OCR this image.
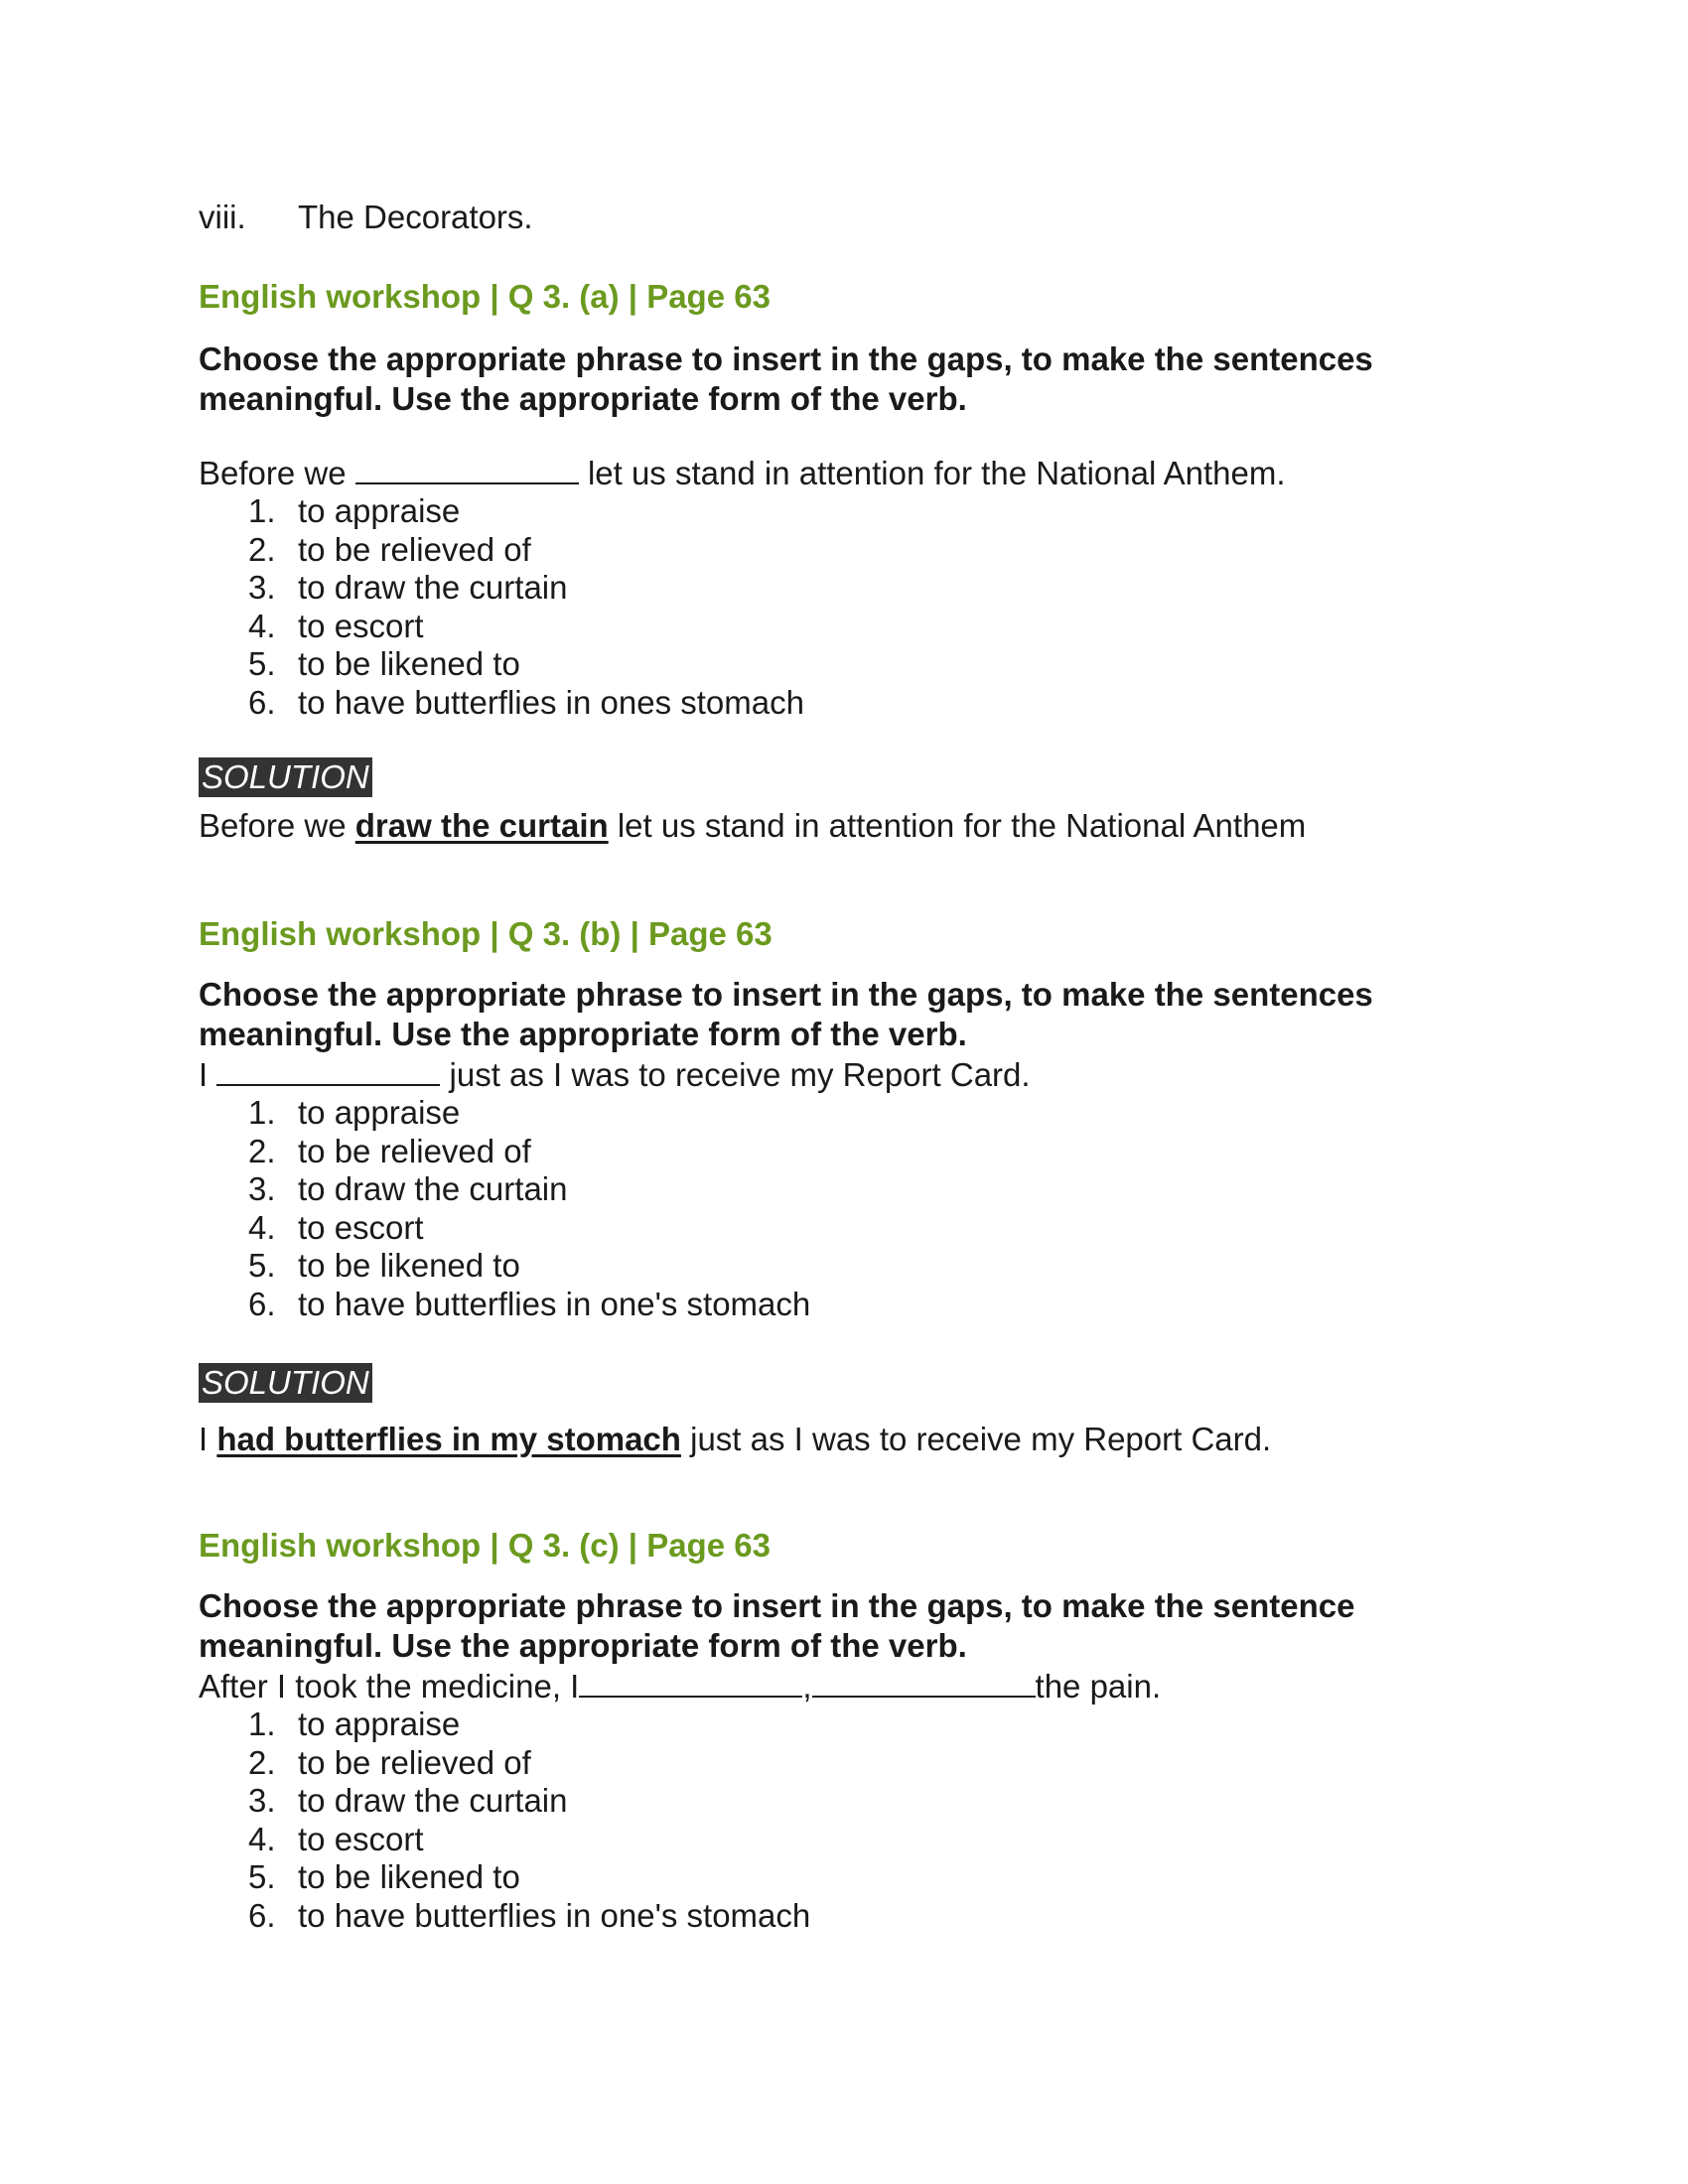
viii. The Decorators.

English workshop | Q 3. (a) | Page 63

Choose the appropriate phrase to insert in the gaps, to make the sentences meaningful. Use the appropriate form of the verb.

Before we	let us stand in attention for the National Anthem.

1. to appraise
2. to be relieved of
3. to draw the curtain
4. to escort
5. to be likened to
6. to have butterflies in ones stomach
SOLUTION

Before we draw the curtain let us stand in attention for the National Anthem

English workshop | Q 3. (b) | Page 63

Choose the appropriate phrase to insert in the gaps, to make the sentences meaningful. Use the appropriate form of the verb.

I	just as I was to receive my Report Card.

1. to appraise
2. to be relieved of
3. to draw the curtain
4. to escort
5. to be likened to
6. to have butterflies in one's stomach
SOLUTION

I had butterflies in my stomach just as I was to receive my Report Card.

English workshop | Q 3. (c) | Page 63

Choose the appropriate phrase to insert in the gaps, to make the sentence meaningful. Use the appropriate form of the verb.

After I took the medicine, I	,	the pain.

1. to appraise
2. to be relieved of
3. to draw the curtain
4. to escort
5. to be likened to
6. to have butterflies in one's stomach
